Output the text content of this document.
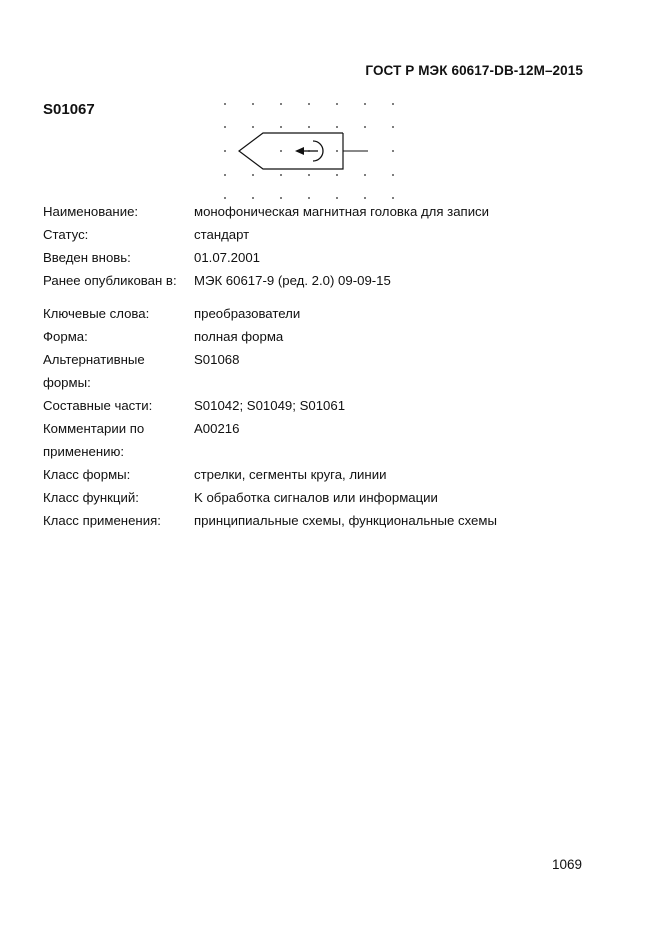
ГОСТ Р МЭК 60617-DB-12M–2015
S01067
Наименование:	монофоническая магнитная головка для записи
Статус:	стандарт
Введен вновь:	01.07.2001
Ранее опубликован в:	МЭК 60617-9 (ред. 2.0) 09-09-15
Ключевые слова:	преобразователи
Форма:	полная форма
Альтернативные формы:
S01068
Составные части:	S01042; S01049; S01061
Комментарии по применению:
A00216
Класс формы:	стрелки, сегменты круга, линии
Класс функций:	K обработка сигналов или информации
Класс применения:	принципиальные схемы, функциональные схемы
1069
